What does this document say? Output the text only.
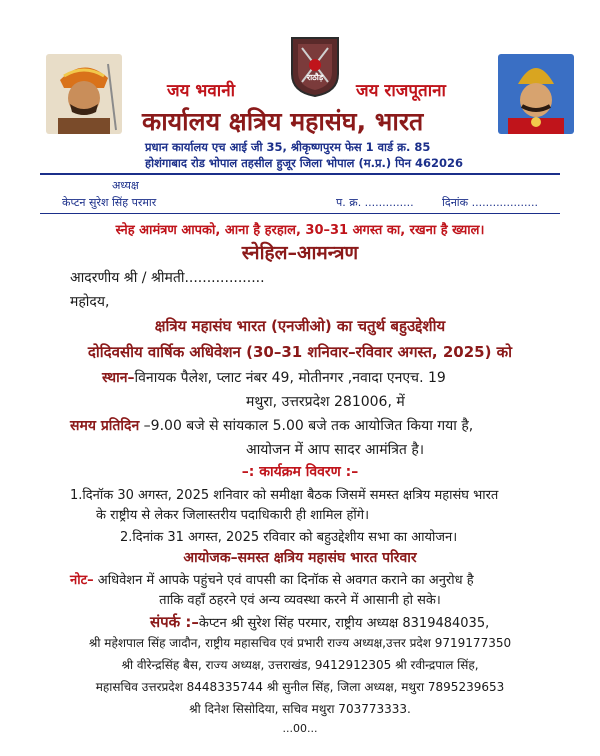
राठौड़
जय भवानी	जय राजपूताना
कार्यालय क्षत्रिय महासंघ, भारत
प्रधान कार्यालय एच आई जी 35, श्रीकृष्णपुरम फेस 1 वार्ड क्र. 85
होशंगाबाद रोड भोपाल तहसील हुजूर जिला भोपाल (म.प्र.) पिन 462026
अध्यक्ष
केप्टन सुरेश सिंह परमार	प. क्र. ..............	दिनांक ...................
स्नेह आमंत्रण आपको, आना है हरहाल, 30–31 अगस्त का, रखना है ख्याल।
स्नेहिल–आमन्त्रण
आदरणीय श्री / श्रीमती..................
महोदय,
क्षत्रिय महासंघ भारत (एनजीओ) का चतुर्थ बहुउद्देशीय
दोदिवसीय वार्षिक अधिवेशन (30–31 शनिवार–रविवार अगस्त, 2025) को
स्थान–विनायक पैलेश, प्लाट नंबर 49, मोतीनगर ,नवादा एनएच. 19
मथुरा, उत्तरप्रदेश 281006, में
समय प्रतिदिन –9.00 बजे से सांयकाल 5.00 बजे तक आयोजित किया गया है,
आयोजन में आप सादर आमंत्रित है।
–: कार्यक्रम विवरण :–
1.दिनॉक 30 अगस्त, 2025 शनिवार को समीक्षा बैठक जिसमें समस्त क्षत्रिय महासंघ भारत
के राष्ट्रीय से लेकर जिलास्तरीय पदाधिकारी ही शामिल होंगे।
2.दिनांक 31 अगस्त, 2025 रविवार को बहुउद्देशीय सभा का आयोजन।
आयोजक–समस्त क्षत्रिय महासंघ भारत परिवार
नोट– अधिवेशन में आपके पहुंचने एवं वापसी का दिनॉक से अवगत कराने का अनुरोध है
ताकि वहॉं ठहरने एवं अन्य व्यवस्था करने में आसानी हो सके।
संपर्क :–केप्टन श्री सुरेश सिंह परमार, राष्ट्रीय अध्यक्ष 8319484035,
श्री महेशपाल सिंह जादौन, राष्ट्रीय महासचिव एवं प्रभारी राज्य अध्यक्ष,उत्तर प्रदेश 9719177350
श्री वीरेन्द्रसिंह बैस, राज्य अध्यक्ष, उत्तराखंड, 9412912305 श्री रवीन्द्रपाल सिंह,
महासचिव उत्तरप्रदेश 8448335744 श्री सुनील सिंह, जिला अध्यक्ष, मथुरा 7895239653
श्री दिनेश सिसोदिया, सचिव मथुरा 703773333.
...00...
